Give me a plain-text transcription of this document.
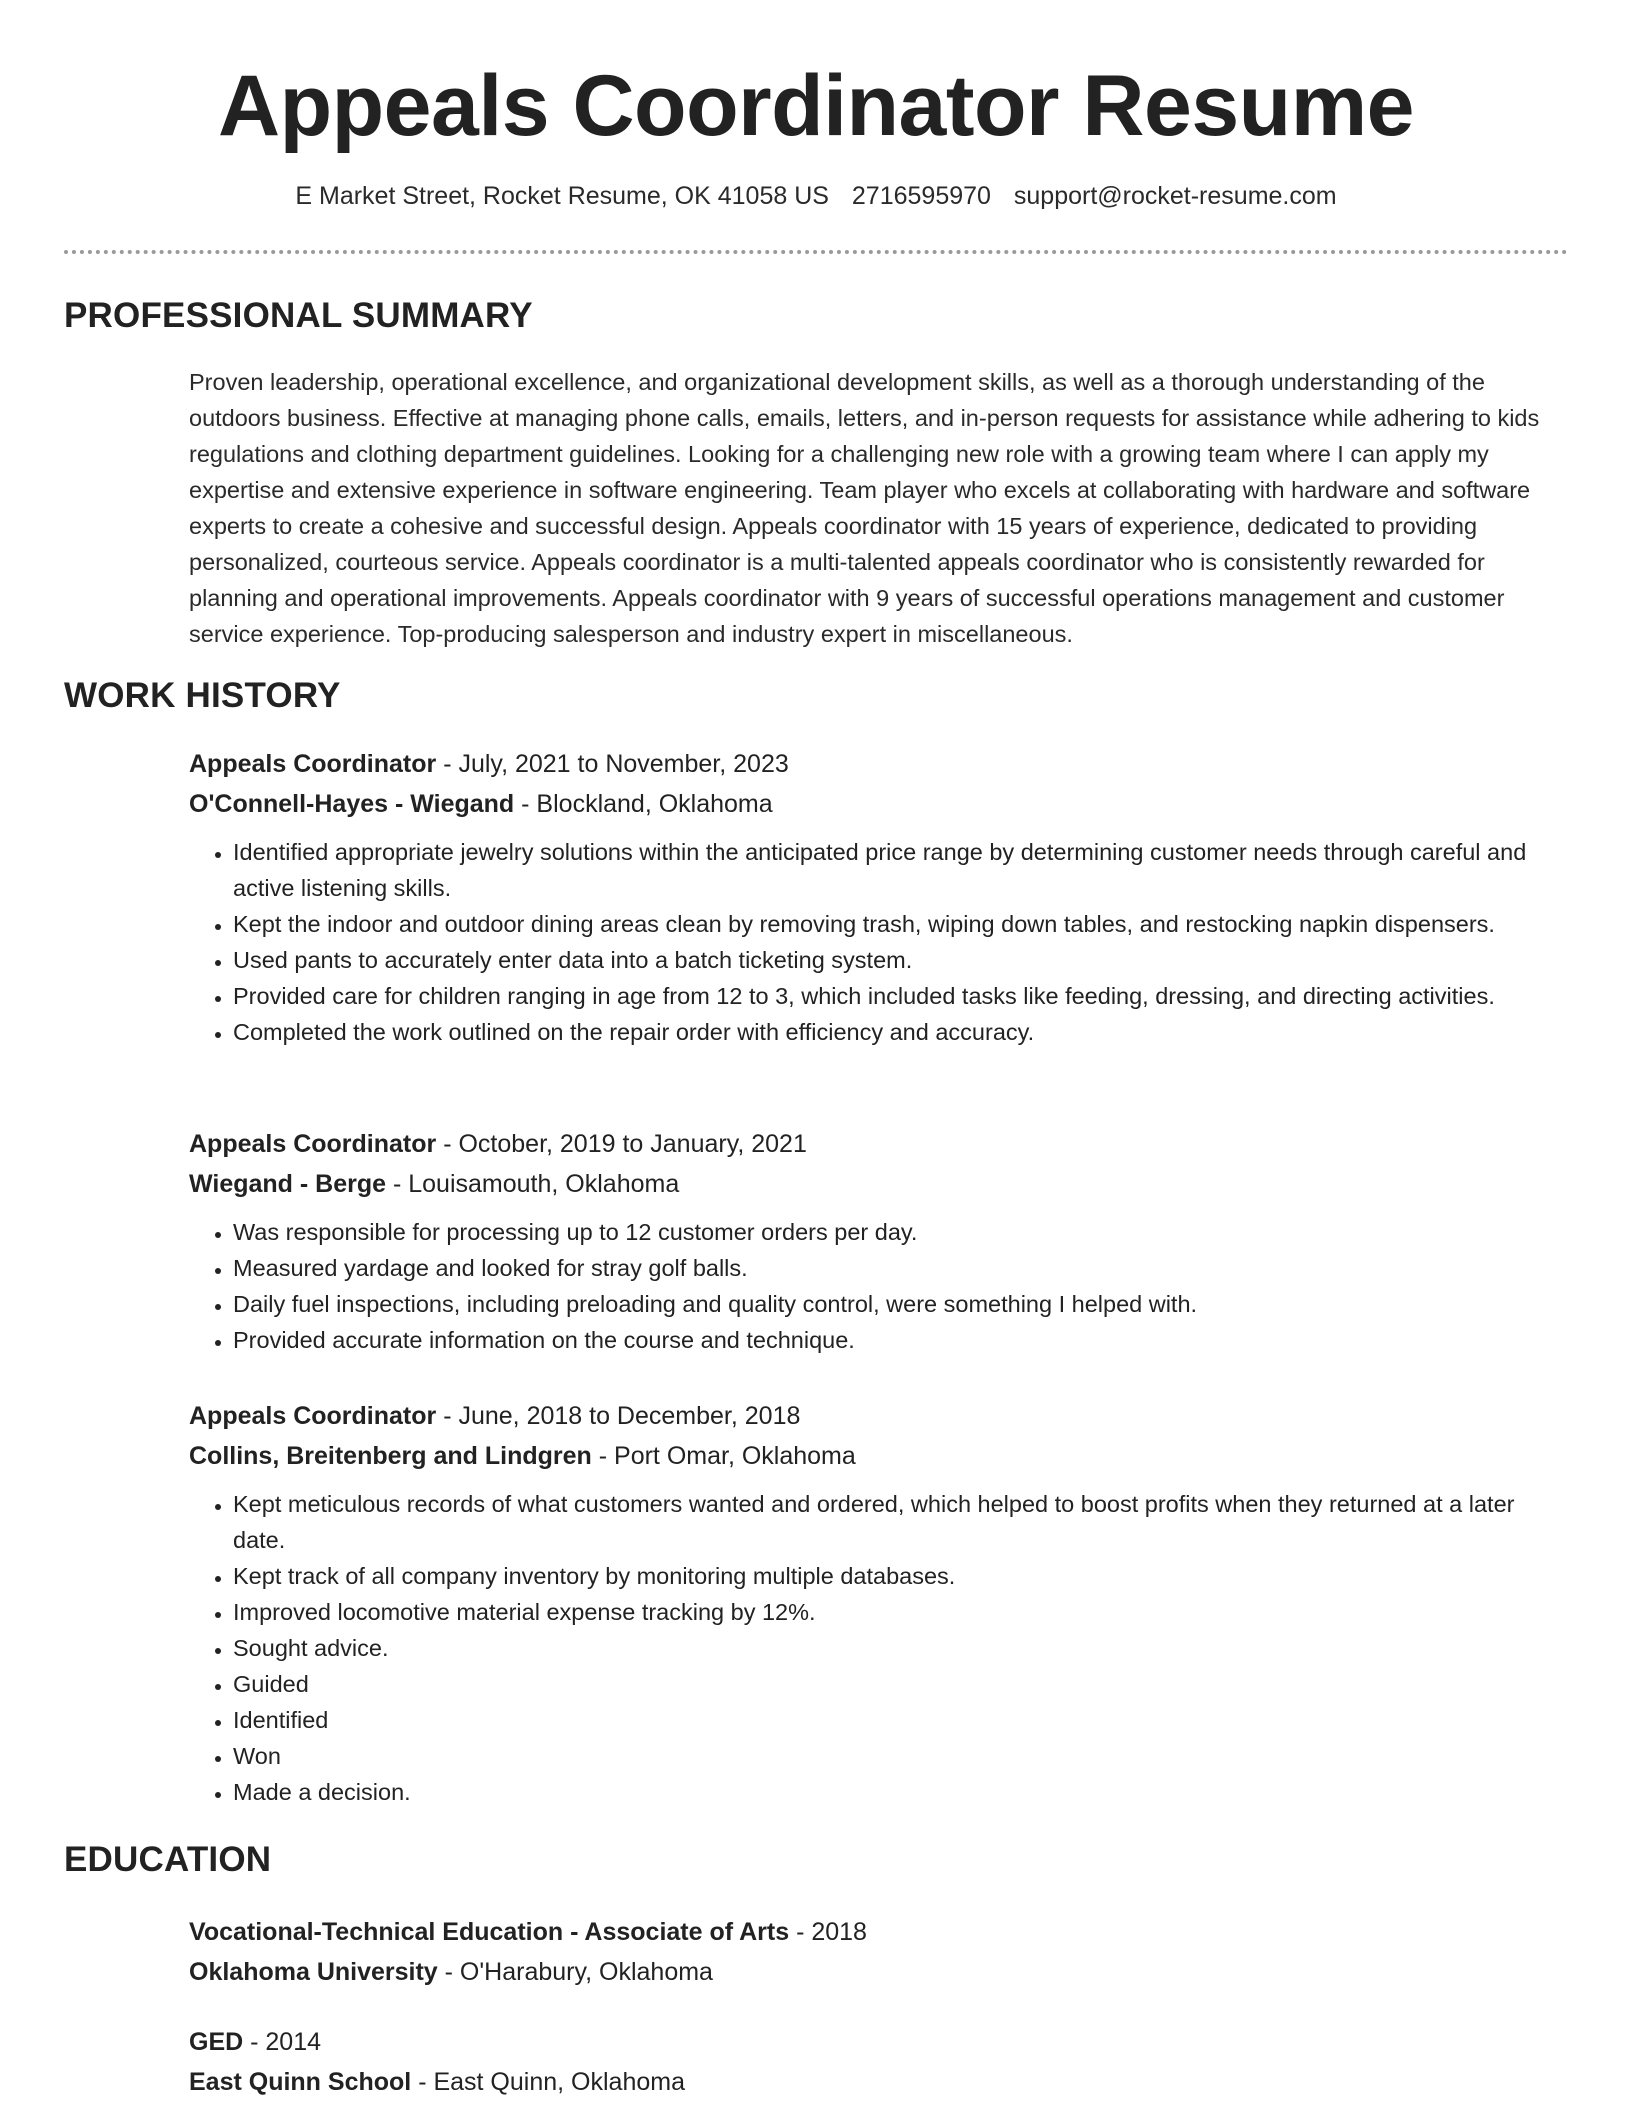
Appeals Coordinator Resume
E Market Street, Rocket Resume, OK 41058 US 2716595970 support@rocket-resume.com
PROFESSIONAL SUMMARY
Proven leadership, operational excellence, and organizational development skills, as well as a thorough understanding of the outdoors business. Effective at managing phone calls, emails, letters, and in-person requests for assistance while adhering to kids regulations and clothing department guidelines. Looking for a challenging new role with a growing team where I can apply my expertise and extensive experience in software engineering. Team player who excels at collaborating with hardware and software experts to create a cohesive and successful design. Appeals coordinator with 15 years of experience, dedicated to providing personalized, courteous service. Appeals coordinator is a multi-talented appeals coordinator who is consistently rewarded for planning and operational improvements. Appeals coordinator with 9 years of successful operations management and customer service experience. Top-producing salesperson and industry expert in miscellaneous.
WORK HISTORY
Appeals Coordinator - July, 2021 to November, 2023
O'Connell-Hayes - Wiegand - Blockland, Oklahoma
• Identified appropriate jewelry solutions within the anticipated price range by determining customer needs through careful and active listening skills.
• Kept the indoor and outdoor dining areas clean by removing trash, wiping down tables, and restocking napkin dispensers.
• Used pants to accurately enter data into a batch ticketing system.
• Provided care for children ranging in age from 12 to 3, which included tasks like feeding, dressing, and directing activities.
• Completed the work outlined on the repair order with efficiency and accuracy.
Appeals Coordinator - October, 2019 to January, 2021
Wiegand - Berge - Louisamouth, Oklahoma
• Was responsible for processing up to 12 customer orders per day.
• Measured yardage and looked for stray golf balls.
• Daily fuel inspections, including preloading and quality control, were something I helped with.
• Provided accurate information on the course and technique.
Appeals Coordinator - June, 2018 to December, 2018
Collins, Breitenberg and Lindgren - Port Omar, Oklahoma
• Kept meticulous records of what customers wanted and ordered, which helped to boost profits when they returned at a later date.
• Kept track of all company inventory by monitoring multiple databases.
• Improved locomotive material expense tracking by 12%.
• Sought advice.
• Guided
• Identified
• Won
• Made a decision.
EDUCATION
Vocational-Technical Education - Associate of Arts - 2018
Oklahoma University - O'Harabury, Oklahoma
GED - 2014
East Quinn School - East Quinn, Oklahoma
